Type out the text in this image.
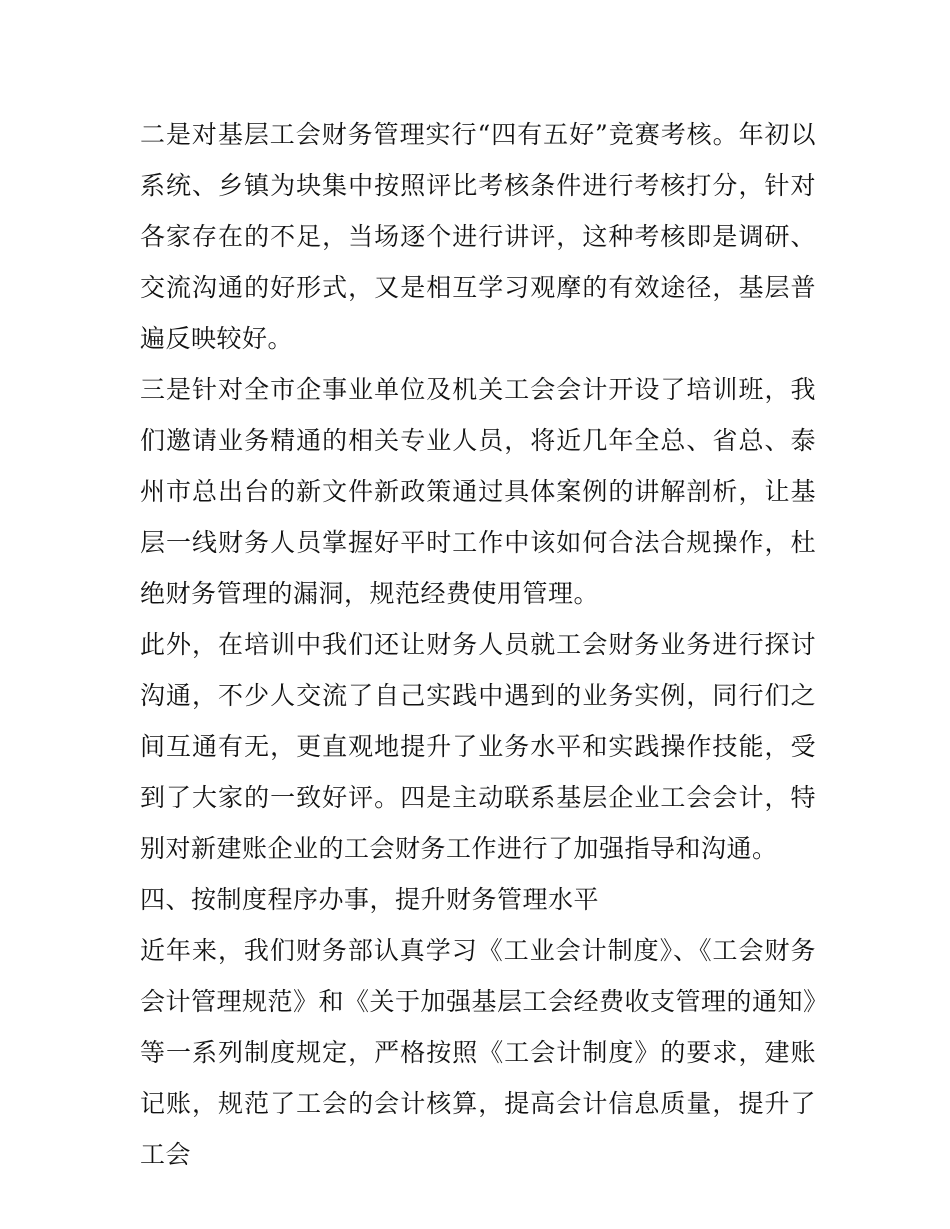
二是对基层工会财务管理实行“四有五好”竞赛考核。年初以系统、乡镇为块集中按照评比考核条件进行考核打分，针对各家存在的不足，当场逐个进行讲评，这种考核即是调研、交流沟通的好形式，又是相互学习观摩的有效途径，基层普遍反映较好。

三是针对全市企事业单位及机关工会会计开设了培训班，我们邀请业务精通的相关专业人员，将近几年全总、省总、泰州市总出台的新文件新政策通过具体案例的讲解剖析，让基层一线财务人员掌握好平时工作中该如何合法合规操作，杜绝财务管理的漏洞，规范经费使用管理。

此外，在培训中我们还让财务人员就工会财务业务进行探讨沟通，不少人交流了自己实践中遇到的业务实例，同行们之间互通有无，更直观地提升了业务水平和实践操作技能，受到了大家的一致好评。四是主动联系基层企业工会会计，特别对新建账企业的工会财务工作进行了加强指导和沟通。

四、按制度程序办事，提升财务管理水平

近年来，我们财务部认真学习《工业会计制度》、《工会财务会计管理规范》和《关于加强基层工会经费收支管理的通知》等一系列制度规定，严格按照《工会计制度》的要求，建账记账，规范了工会的会计核算，提高会计信息质量，提升了工会
